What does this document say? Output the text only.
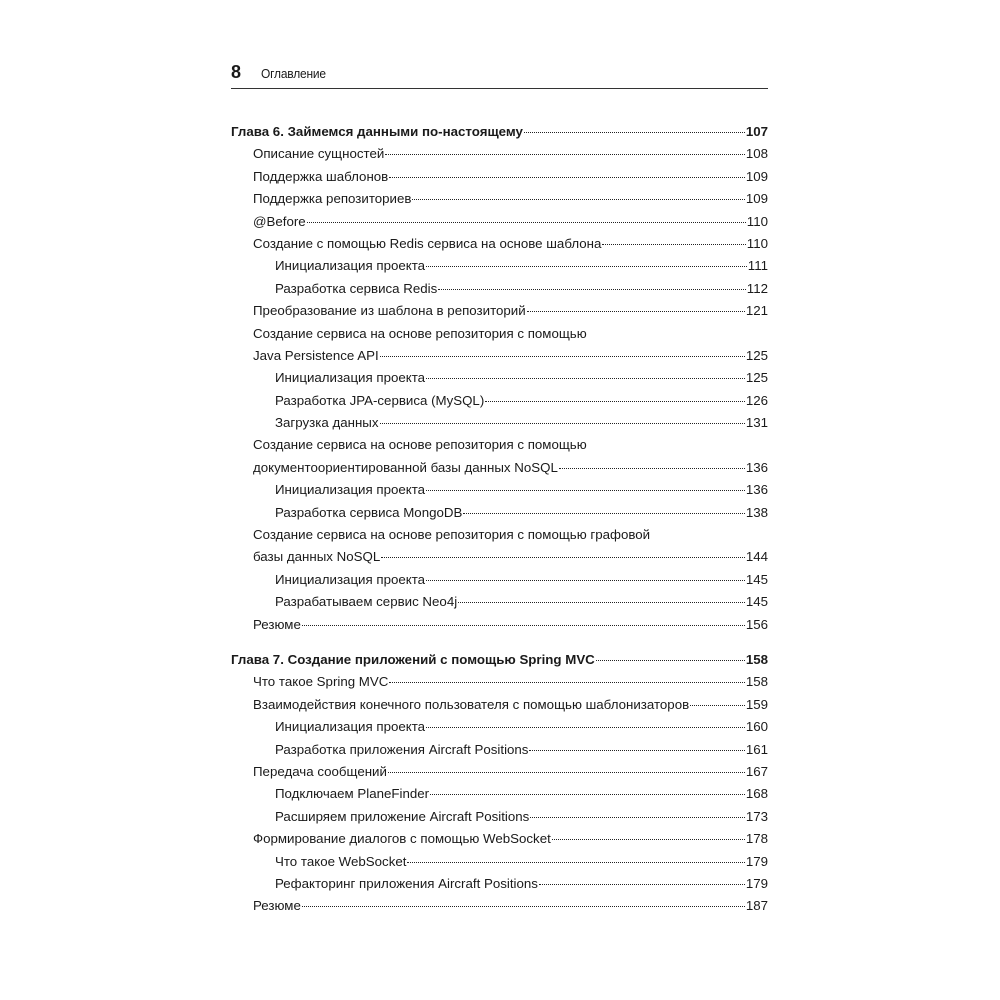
8 Оглавление
Глава 6. Займемся данными по-настоящему	107
Описание сущностей	108
Поддержка шаблонов	109
Поддержка репозиториев	109
@Before	110
Создание с помощью Redis сервиса на основе шаблона	110
Инициализация проекта	111
Разработка сервиса Redis	112
Преобразование из шаблона в репозиторий	121
Создание сервиса на основе репозитория с помощью
Java Persistence API	125
Инициализация проекта	125
Разработка JPA-сервиса (MySQL)	126
Загрузка данных	131
Создание сервиса на основе репозитория с помощью
документоориентированной базы данных NoSQL	136
Инициализация проекта	136
Разработка сервиса MongoDB	138
Создание сервиса на основе репозитория с помощью графовой
базы данных NoSQL	144
Инициализация проекта	145
Разрабатываем сервис Neo4j	145
Резюме	156
Глава 7. Создание приложений с помощью Spring MVC	158
Что такое Spring MVC	158
Взаимодействия конечного пользователя с помощью шаблонизаторов	159
Инициализация проекта	160
Разработка приложения Aircraft Positions	161
Передача сообщений	167
Подключаем PlaneFinder	168
Расширяем приложение Aircraft Positions	173
Формирование диалогов с помощью WebSocket	178
Что такое WebSocket	179
Рефакторинг приложения Aircraft Positions	179
Резюме	187
